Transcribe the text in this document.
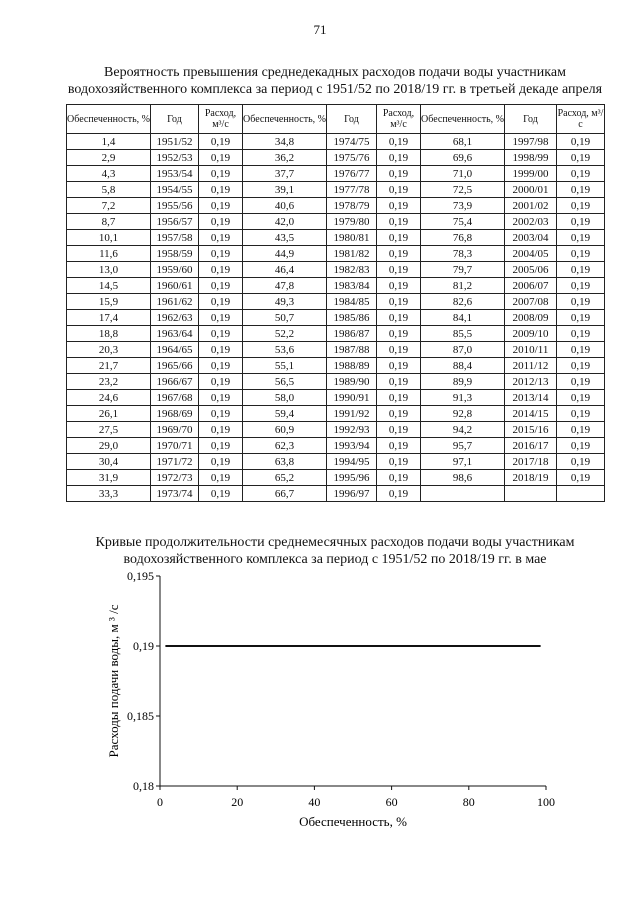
71
Вероятность превышения среднедекадных расходов подачи воды участникам
водохозяйственного комплекса за период с 1951/52 по 2018/19 гг. в третьей декаде апреля
Обеспеченность, %	Год	Расход, м³/с	Обеспеченность, %	Год	Расход, м³/с	Обеспеченность, %	Год	Расход, м³/с
1,4	1951/52	0,19	34,8	1974/75	0,19	68,1	1997/98	0,19
2,9	1952/53	0,19	36,2	1975/76	0,19	69,6	1998/99	0,19
4,3	1953/54	0,19	37,7	1976/77	0,19	71,0	1999/00	0,19
5,8	1954/55	0,19	39,1	1977/78	0,19	72,5	2000/01	0,19
7,2	1955/56	0,19	40,6	1978/79	0,19	73,9	2001/02	0,19
8,7	1956/57	0,19	42,0	1979/80	0,19	75,4	2002/03	0,19
10,1	1957/58	0,19	43,5	1980/81	0,19	76,8	2003/04	0,19
11,6	1958/59	0,19	44,9	1981/82	0,19	78,3	2004/05	0,19
13,0	1959/60	0,19	46,4	1982/83	0,19	79,7	2005/06	0,19
14,5	1960/61	0,19	47,8	1983/84	0,19	81,2	2006/07	0,19
15,9	1961/62	0,19	49,3	1984/85	0,19	82,6	2007/08	0,19
17,4	1962/63	0,19	50,7	1985/86	0,19	84,1	2008/09	0,19
18,8	1963/64	0,19	52,2	1986/87	0,19	85,5	2009/10	0,19
20,3	1964/65	0,19	53,6	1987/88	0,19	87,0	2010/11	0,19
21,7	1965/66	0,19	55,1	1988/89	0,19	88,4	2011/12	0,19
23,2	1966/67	0,19	56,5	1989/90	0,19	89,9	2012/13	0,19
24,6	1967/68	0,19	58,0	1990/91	0,19	91,3	2013/14	0,19
26,1	1968/69	0,19	59,4	1991/92	0,19	92,8	2014/15	0,19
27,5	1969/70	0,19	60,9	1992/93	0,19	94,2	2015/16	0,19
29,0	1970/71	0,19	62,3	1993/94	0,19	95,7	2016/17	0,19
30,4	1971/72	0,19	63,8	1994/95	0,19	97,1	2017/18	0,19
31,9	1972/73	0,19	65,2	1995/96	0,19	98,6	2018/19	0,19
33,3	1973/74	0,19	66,7	1996/97	0,19			
Кривые продолжительности среднемесячных расходов подачи воды участникам
водохозяйственного комплекса за период с 1951/52 по 2018/19 гг. в мае
0	20	40	60	80	100
0,18
0,185
0,19
0,195
Обеспеченность, %
Расходы подачи воды, м ³ /с
